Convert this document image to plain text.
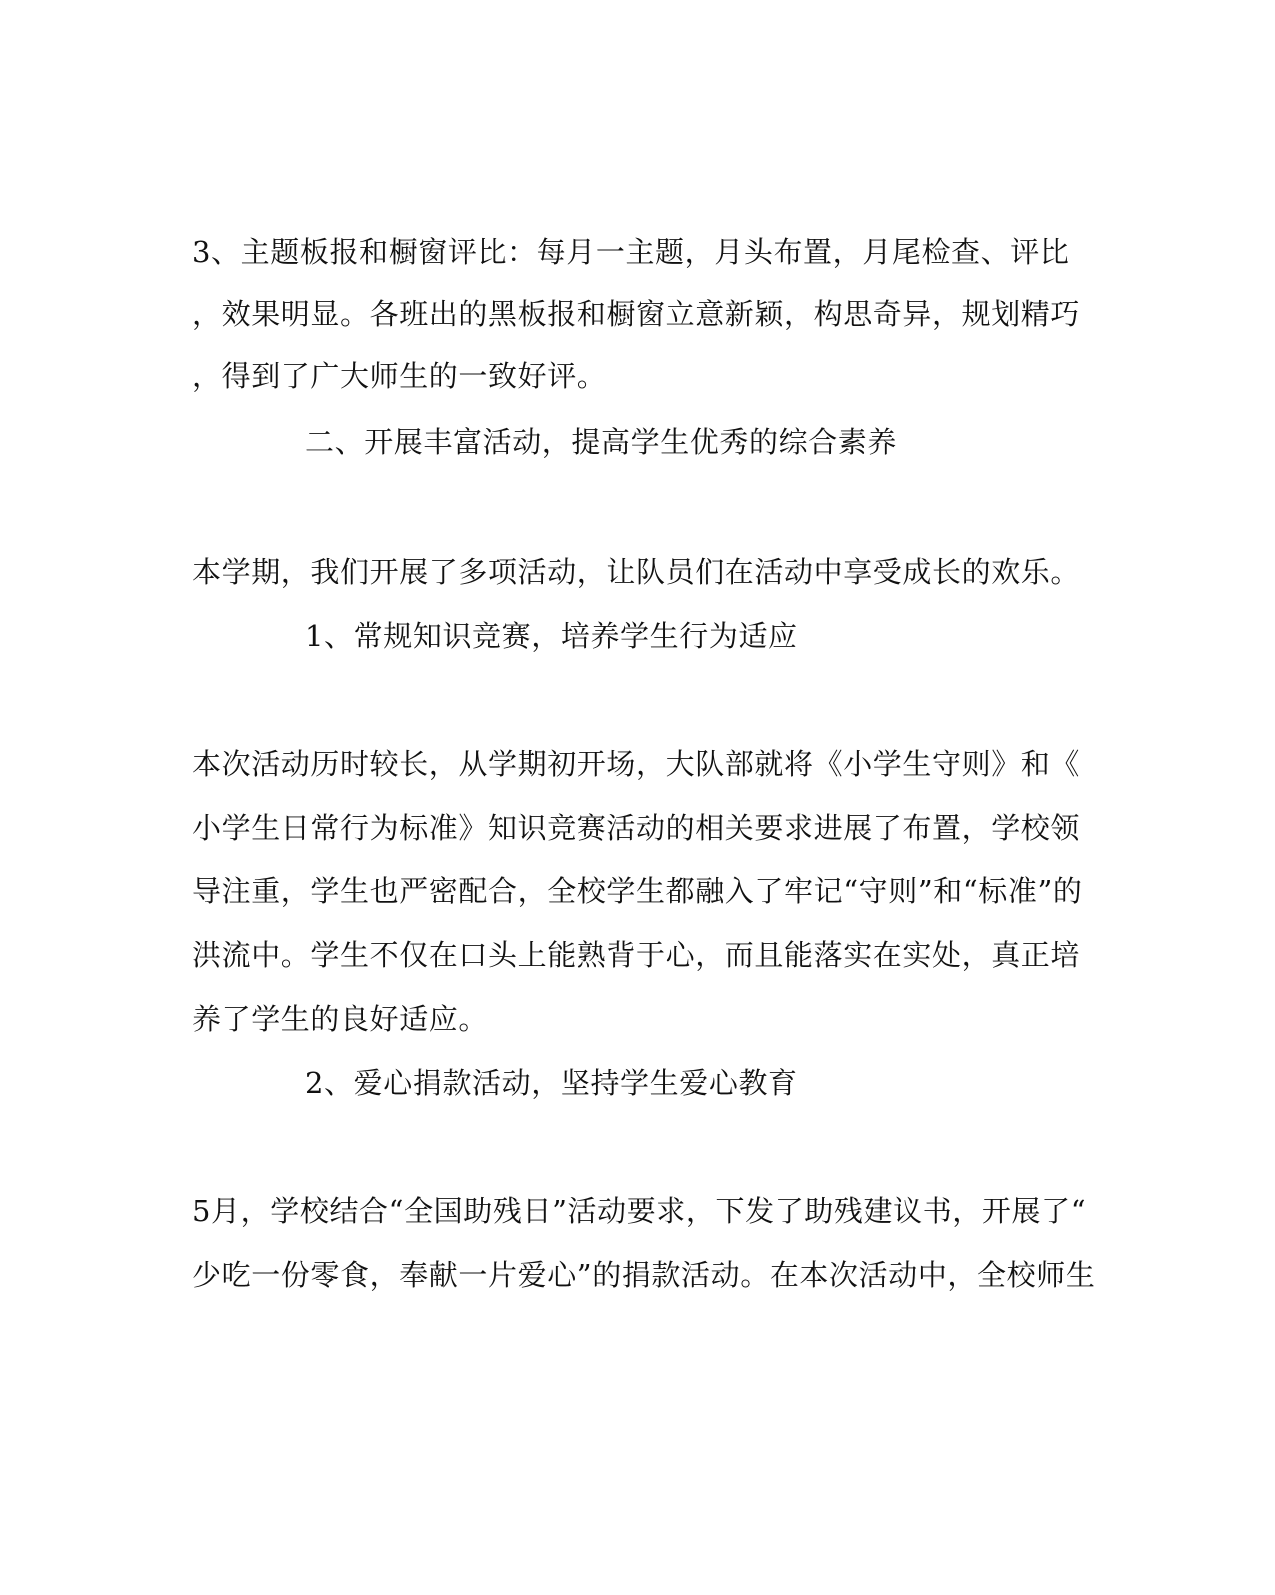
3、主题板报和橱窗评比：每月一主题，月头布置，月尾检查、评比
，效果明显。各班出的黑板报和橱窗立意新颖，构思奇异，规划精巧
，得到了广大师生的一致好评。
二、开展丰富活动，提高学生优秀的综合素养
本学期，我们开展了多项活动，让队员们在活动中享受成长的欢乐。
1、常规知识竞赛，培养学生行为适应
本次活动历时较长，从学期初开场，大队部就将《小学生守则》和《
小学生日常行为标准》知识竞赛活动的相关要求进展了布置，学校领
导注重，学生也严密配合，全校学生都融入了牢记“守则”和“标准”的
洪流中。学生不仅在口头上能熟背于心，而且能落实在实处，真正培
养了学生的良好适应。
2、爱心捐款活动，坚持学生爱心教育
5月，学校结合“全国助残日”活动要求，下发了助残建议书，开展了“
少吃一份零食，奉献一片爱心”的捐款活动。在本次活动中，全校师生
